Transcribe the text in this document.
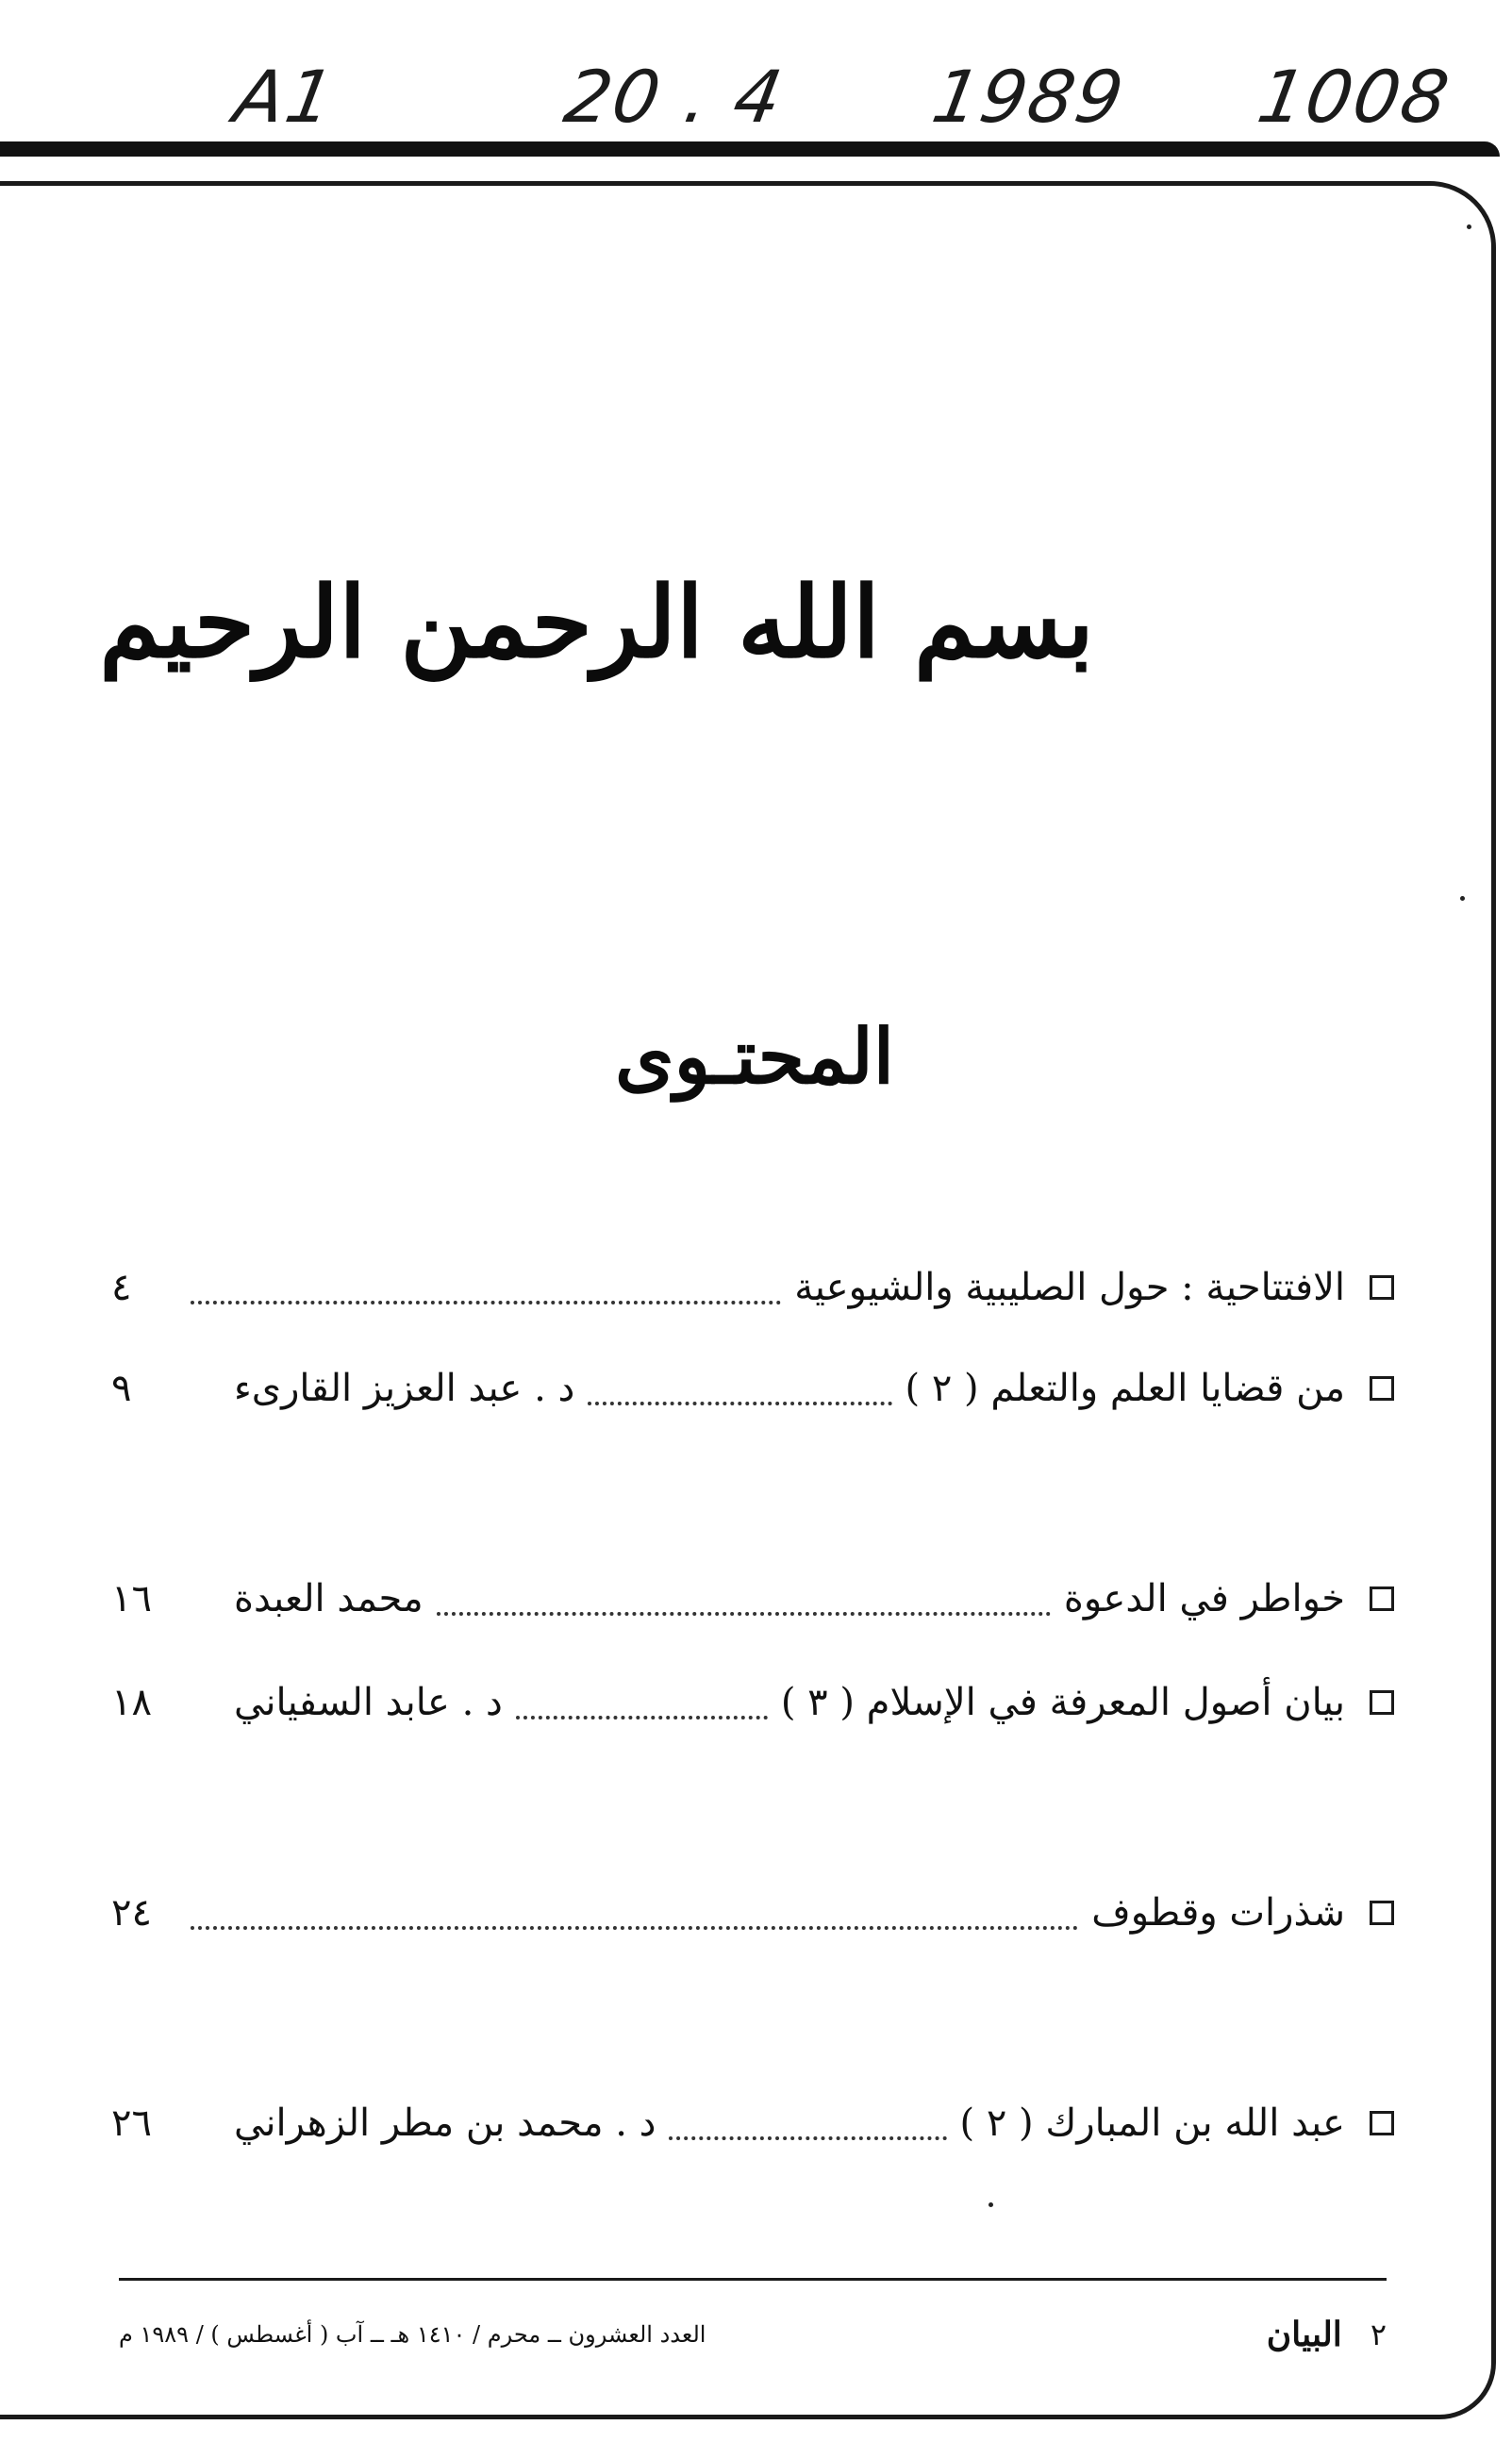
A1	20 . 4 1989 1008
بسم الله الرحمن الرحيم
المحتـوى
الافتتاحية : حول الصليبية والشيوعية
٤
من قضايا العلم والتعلم ( ٢ )
د . عبد العزيز القارىء
٩
خواطر في الدعوة
محمد العبدة
١٦
بيان أصول المعرفة في الإسلام ( ٣ )
د . عابد السفياني
١٨
شذرات وقطوف
٢٤
عبد الله بن المبارك ( ٢ )
د . محمد بن مطر الزهراني
٢٦
٢
البيان
العدد العشرون ــ محرم / ١٤١٠ هـ ــ آب ( أغسطس ) / ١٩٨٩ م
